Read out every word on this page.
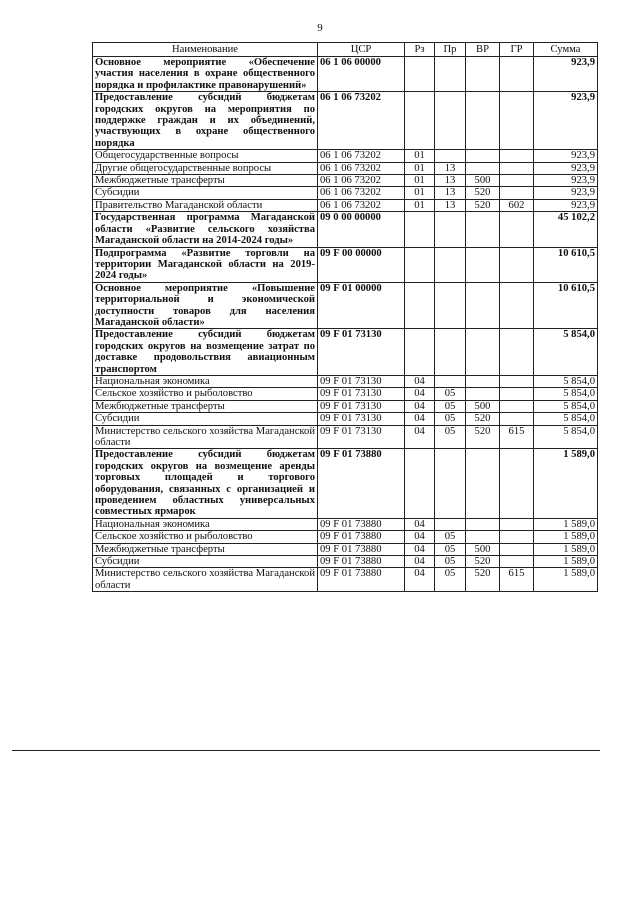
9
Наименование	ЦСР	Рз	Пр	ВР	ГР	Сумма
Основное мероприятие «Обеспечение участия населения в охране общественного порядка и профилактике правонарушений»	06 1 06 00000					923,9
Предоставление субсидий бюджетам городских округов на мероприятия по поддержке граждан и их объединений, участвующих в охране общественного порядка	06 1 06 73202					923,9
Общегосударственные вопросы	06 1 06 73202	01				923,9
Другие общегосударственные вопросы	06 1 06 73202	01	13			923,9
Межбюджетные трансферты	06 1 06 73202	01	13	500		923,9
Субсидии	06 1 06 73202	01	13	520		923,9
Правительство Магаданской области	06 1 06 73202	01	13	520	602	923,9
Государственная программа Магаданской области «Развитие сельского хозяйства Магаданской области на 2014-2024 годы»	09 0 00 00000					45 102,2
Подпрограмма «Развитие торговли на территории Магаданской области на 2019-2024 годы»	09 F 00 00000					10 610,5
Основное мероприятие «Повышение территориальной и экономической доступности товаров для населения Магаданской области»	09 F 01 00000					10 610,5
Предоставление субсидий бюджетам городских округов на возмещение затрат по доставке продовольствия авиационным транспортом	09 F 01 73130					5 854,0
Национальная экономика	09 F 01 73130	04				5 854,0
Сельское хозяйство и рыболовство	09 F 01 73130	04	05			5 854,0
Межбюджетные трансферты	09 F 01 73130	04	05	500		5 854,0
Субсидии	09 F 01 73130	04	05	520		5 854,0
Министерство сельского хозяйства Магаданской области	09 F 01 73130	04	05	520	615	5 854,0
Предоставление субсидий бюджетам городских округов на возмещение аренды торговых площадей и торгового оборудования, связанных с организацией и проведением областных универсальных совместных ярмарок	09 F 01 73880					1 589,0
Национальная экономика	09 F 01 73880	04				1 589,0
Сельское хозяйство и рыболовство	09 F 01 73880	04	05			1 589,0
Межбюджетные трансферты	09 F 01 73880	04	05	500		1 589,0
Субсидии	09 F 01 73880	04	05	520		1 589,0
Министерство сельского хозяйства Магаданской области	09 F 01 73880	04	05	520	615	1 589,0
